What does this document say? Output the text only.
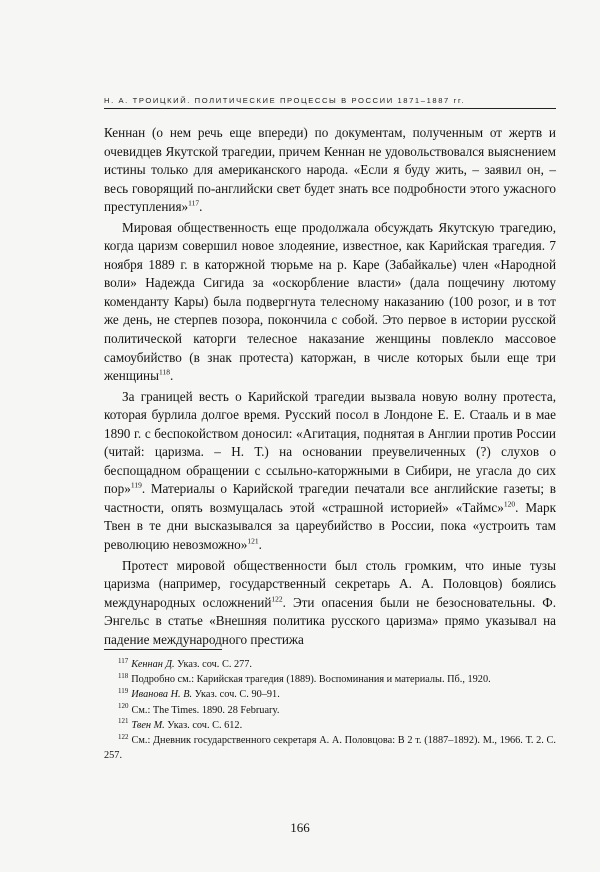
Н. А. ТРОИЦКИЙ. ПОЛИТИЧЕСКИЕ ПРОЦЕССЫ В РОССИИ 1871–1887 гг.

Кеннан (о нем речь еще впереди) по документам, полученным от жертв и очевидцев Якутской трагедии, причем Кеннан не удовольствовался выяснением истины только для американского народа. «Если я буду жить, – заявил он, – весь говорящий по-английски свет будет знать все подробности этого ужасного преступления»$^{117}$.

Мировая общественность еще продолжала обсуждать Якутскую трагедию, когда царизм совершил новое злодеяние, известное, как Карийская трагедия. 7 ноября 1889 г. в каторжной тюрьме на р. Каре (Забайкалье) член «Народной воли» Надежда Сигида за «оскорбление власти» (дала пощечину лютому коменданту Кары) была подвергнута телесному наказанию (100 розог, и в тот же день, не стерпев позора, покончила с собой. Это первое в истории русской политической каторги телесное наказание женщины повлекло массовое самоубийство (в знак протеста) каторжан, в числе которых были еще три женщины$^{118}$.

За границей весть о Карийской трагедии вызвала новую волну протеста, которая бурлила долгое время. Русский посол в Лондоне Е. Е. Стааль и в мае 1890 г. с беспокойством доносил: «Агитация, поднятая в Англии против России (читай: царизма. – Н. Т.) на основании преувеличенных (?) слухов о беспощадном обращении с ссыльно-каторжными в Сибири, не угасла до сих пор»$^{119}$. Материалы о Карийской трагедии печатали все английские газеты; в частности, опять возмущалась этой «страшной историей» «Таймс»$^{120}$. Марк Твен в те дни высказывался за цареубийство в России, пока «устроить там революцию невозможно»$^{121}$.

Протест мировой общественности был столь громким, что иные тузы царизма (например, государственный секретарь А. А. Половцов) боялись международных осложнений$^{122}$. Эти опасения были не безосновательны. Ф. Энгельс в статье «Внешняя политика русского царизма» прямо указывал на падение международного престижа

$^{117}$ Кеннан Д. Указ. соч. С. 277.

$^{118}$ Подробно см.: Карийская трагедия (1889). Воспоминания и материалы. Пб., 1920.

$^{119}$ Иванова Н. В. Указ. соч. С. 90–91.

$^{120}$ См.: The Times. 1890. 28 February.

$^{121}$ Твен М. Указ. соч. С. 612.

$^{122}$ См.: Дневник государственного секретаря А. А. Половцова: В 2 т. (1887–1892). М., 1966. Т. 2. С. 257.

166
